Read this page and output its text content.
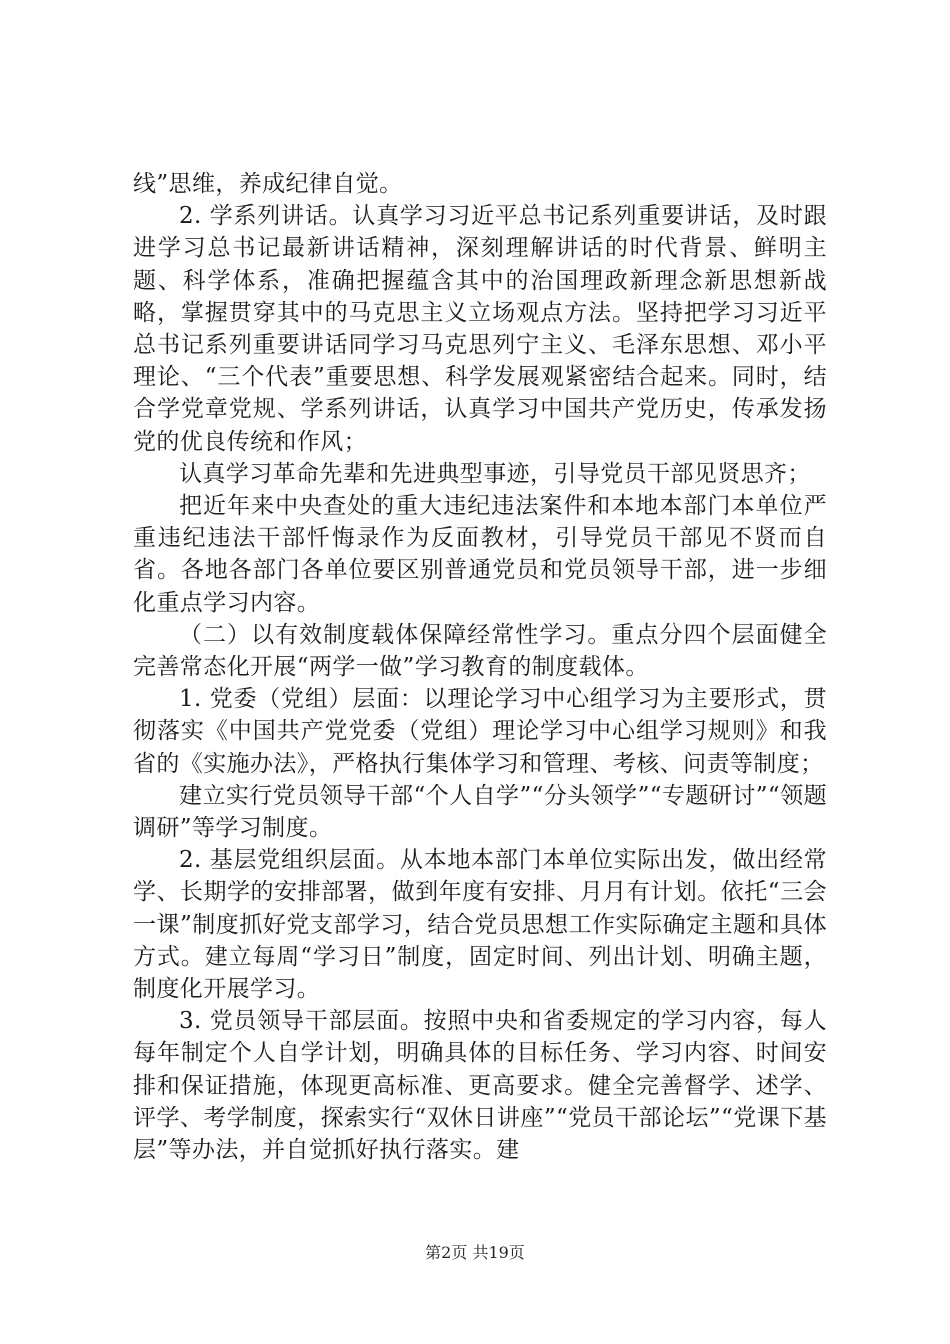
线”思维，养成纪律自觉。

2. 学系列讲话。认真学习习近平总书记系列重要讲话，及时跟进学习总书记最新讲话精神，深刻理解讲话的时代背景、鲜明主题、科学体系，准确把握蕴含其中的治国理政新理念新思想新战略，掌握贯穿其中的马克思主义立场观点方法。坚持把学习习近平总书记系列重要讲话同学习马克思列宁主义、毛泽东思想、邓小平理论、“三个代表”重要思想、科学发展观紧密结合起来。同时，结合学党章党规、学系列讲话，认真学习中国共产党历史，传承发扬党的优良传统和作风；

认真学习革命先辈和先进典型事迹，引导党员干部见贤思齐；

把近年来中央查处的重大违纪违法案件和本地本部门本单位严重违纪违法干部忏悔录作为反面教材，引导党员干部见不贤而自省。各地各部门各单位要区别普通党员和党员领导干部，进一步细化重点学习内容。

（二）以有效制度载体保障经常性学习。重点分四个层面健全完善常态化开展“两学一做”学习教育的制度载体。

1. 党委（党组）层面：以理论学习中心组学习为主要形式，贯彻落实《中国共产党党委（党组）理论学习中心组学习规则》和我省的《实施办法》，严格执行集体学习和管理、考核、问责等制度；

建立实行党员领导干部“个人自学”“分头领学”“专题研讨”“领题调研”等学习制度。

2. 基层党组织层面。从本地本部门本单位实际出发，做出经常学、长期学的安排部署，做到年度有安排、月月有计划。依托“三会一课”制度抓好党支部学习，结合党员思想工作实际确定主题和具体方式。建立每周“学习日”制度，固定时间、列出计划、明确主题，制度化开展学习。

3. 党员领导干部层面。按照中央和省委规定的学习内容，每人每年制定个人自学计划，明确具体的目标任务、学习内容、时间安排和保证措施，体现更高标准、更高要求。健全完善督学、述学、评学、考学制度，探索实行“双休日讲座”“党员干部论坛”“党课下基层”等办法，并自觉抓好执行落实。建

第2页 共19页
